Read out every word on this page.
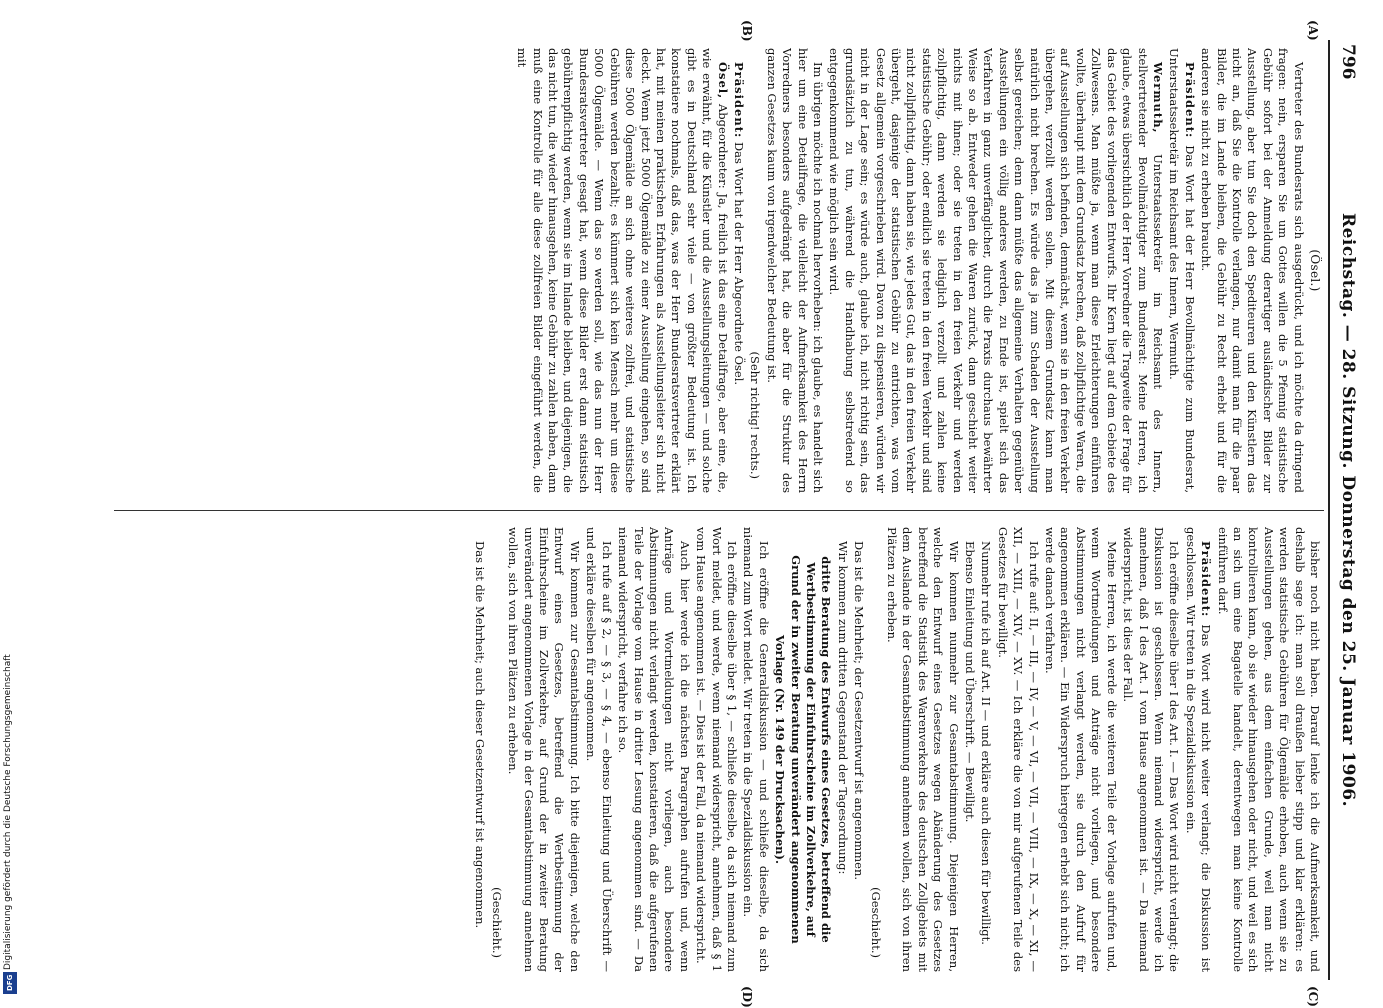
Digitalisierung gefördert durch die Deutsche Forschungsgemeinschaft
DFG
796
Reichstag. — 28. Sitzung. Donnerstag den 25. Januar 1906.
(A)
(B)
(C)
(D)

(Ösel.)

Vertreter des Bundesrats sich ausgedrückt, und ich möchte da dringend fragen: nein, ersparen Sie um Gottes willen die 5 Pfennig statistische Gebühr sofort bei der Anmeldung derartiger ausländischer Bilder zur Ausstellung, aber tun Sie doch den Spediteuren und den Künstlern das nicht an, daß Sie die Kontrolle verlangen, nur damit man für die paar Bilder, die im Lande bleiben, die Gebühr zu Recht erhebt und für die anderen sie nicht zu erheben braucht.

Präsident: Das Wort hat der Herr Bevollmächtigte zum Bundesrat, Unterstaatssekretär im Reichsamt des Innern, Wermuth.

Wermuth, Unterstaatssekretär im Reichsamt des Innern, stellvertretender Bevollmächtigter zum Bundesrat: Meine Herren, ich glaube, etwas übersichtlich der Herr Vorredner die Tragweite der Frage für das Gebiet des vorliegenden Entwurfs. Ihr Kern liegt auf dem Gebiete des Zollwesens. Man müßte ja, wenn man diese Erleichterungen einführen wollte, überhaupt mit dem Grundsatz brechen, daß zollpflichtige Waren, die auf Ausstellungen sich befinden, demnächst, wenn sie in den freien Verkehr übergehen, verzollt werden sollen. Mit diesem Grundsatz kann man natürlich nicht brechen. Es würde das ja zum Schaden der Ausstellung selbst gereichen; denn dann müßte das allgemeine Verhalten gegenüber Ausstellungen ein völlig anderes werden, zu Ende ist, spielt sich das Verfahren in ganz unverfänglicher, durch die Praxis durchaus bewährter Weise so ab. Entweder gehen die Waren zurück, dann geschieht weiter nichts mit ihnen; oder sie treten in den freien Verkehr und werden zollpflichtig, dann werden sie lediglich verzollt und zahlen keine statistische Gebühr; oder endlich sie treten in den freien Verkehr und sind nicht zollpflichtig, dann haben sie, wie jedes Gut, das in den freien Verkehr übergeht, dasjenige der statistischen Gebühr zu entrichten, was vom Gesetz allgemein vorgeschrieben wird. Davon zu dispensieren, würden wir nicht in der Lage sein; es würde auch, glaube ich, nicht richtig sein, das grundsätzlich zu tun, während die Handhabung selbstredend so entgegenkommend wie möglich sein wird.

Im übrigen möchte ich nochmal hervorheben: ich glaube, es handelt sich hier um eine Detailfrage, die vielleicht der Aufmerksamkeit des Herrn Vorredners besonders aufgedrängt hat, die aber für die Struktur des ganzen Gesetzes kaum von irgendwelcher Bedeutung ist.

(Sehr richtig! rechts.)

Präsident: Das Wort hat der Herr Abgeordnete Ösel.

Ösel, Abgeordneter: Ja, freilich ist das eine Detailfrage, aber eine, die, wie erwähnt, für die Künstler und die Ausstellungsleitungen — und solche gibt es in Deutschland sehr viele — von größter Bedeutung ist. Ich konstatiere nochmals, daß das, was der Herr Bundesratsvertreter erklärt hat, mit meinen praktischen Erfahrungen als Ausstellungsleiter sich nicht deckt. Wenn jetzt 5000 Ölgemälde zu einer Ausstellung eingehen, so sind diese 5000 Ölgemälde an sich ohne weiteres zollfrei, und statistische Gebühren werden bezahlt; es kümmert sich kein Mensch mehr um diese 5000 Ölgemälde. — Wenn das so werden soll, wie das nun der Herr Bundesratsvertreter gesagt hat, wenn diese Bilder erst dann statistisch gebührenpflichtig werden, wenn sie im Inlande bleiben, und diejenigen, die das nicht tun, die wieder hinausgehen, keine Gebühr zu zahlen haben, dann muß eine Kontrolle für alle diese zollfreien Bilder eingeführt werden, die mit

bisher noch nicht haben. Darauf lenke ich die Aufmerksamkeit, und deshalb sage ich: man soll draußen lieber stipp und klar erklären: es werden statistische Gebühren für Ölgemälde erhoben, auch wenn sie zu Ausstellungen gehen, aus dem einfachen Grunde, weil man nicht kontrollieren kann, ob sie wieder hinausgehen oder nicht, und weil es sich an sich um eine Bagatelle handelt, derentwegen man keine Kontrolle einführen darf.

Präsident: Das Wort wird nicht weiter verlangt; die Diskussion ist geschlossen. Wir treten in die Spezialdiskussion ein.

Ich eröffne dieselbe über I des Art. I. — Das Wort wird nicht verlangt; die Diskussion ist geschlossen. Wenn niemand widerspricht, werde ich annehmen, daß I des Art. I vom Hause angenommen ist. — Da niemand widerspricht, ist dies der Fall.

Meine Herren, ich werde die weiteren Teile der Vorlage aufrufen und, wenn Wortmeldungen und Anträge nicht vorliegen, und besondere Abstimmungen nicht verlangt werden, sie durch den Aufruf für angenommen erklären. — Ein Widerspruch hiergegen erhebt sich nicht; ich werde danach verfahren.

Ich rufe auf: II, — III, — IV, — V, — VI, — VII, — VIII, — IX, — X, — XI, — XII, — XIII, — XIV, — XV. — Ich erkläre die von mir aufgerufenen Teile des Gesetzes für bewilligt.

Nunmehr rufe ich auf Art. II — und erkläre auch diesen für bewilligt.

Ebenso Einleitung und Überschrift. — Bewilligt.

Wir kommen nunmehr zur Gesamtabstimmung. Diejenigen Herren, welche den Entwurf eines Gesetzes wegen Abänderung des Gesetzes betreffend die Statistik des Warenverkehrs des deutschen Zollgebiets mit dem Auslande in der Gesamtabstimmung annehmen wollen, sich von ihren Plätzen zu erheben.

(Geschieht.)

Das ist die Mehrheit; der Gesetzentwurf ist angenommen.

Wir kommen zum dritten Gegenstand der Tagesordnung:

dritte Beratung des Entwurfs eines Gesetzes, betreffend die Wertbestimmung der Einfuhrscheine im Zollverkehre, auf Grund der in zweiter Beratung unverändert angenommenen Vorlage (Nr. 149 der Drucksachen).

Ich eröffne die Generaldiskussion — und schließe dieselbe, da sich niemand zum Wort meldet. Wir treten in die Spezialdiskussion ein.

Ich eröffne dieselbe über § 1, — schließe dieselbe, da sich niemand zum Wort meldet, und werde, wenn niemand widerspricht, annehmen, daß § 1 vom Hause angenommen ist. — Dies ist der Fall, da niemand widerspricht.

Auch hier werde ich die nächsten Paragraphen aufrufen und, wenn Anträge und Wortmeldungen nicht vorliegen, auch besondere Abstimmungen nicht verlangt werden, konstatieren, daß die aufgerufenen Teile der Vorlage vom Hause in dritter Lesung angenommen sind. — Da niemand widerspricht, verfahre ich so.

Ich rufe auf § 2, — § 3, — § 4, — ebenso Einleitung und Überschrift — und erkläre dieselben für angenommen.

Wir kommen zur Gesamtabstimmung. Ich bitte diejenigen, welche den Entwurf eines Gesetzes, betreffend die Wertbestimmung der Einfuhrscheine im Zollverkehre, auf Grund der in zweiter Beratung unverändert angenommenen Vorlage in der Gesamtabstimmung annehmen wollen, sich von ihren Plätzen zu erheben.

(Geschieht.)

Das ist die Mehrheit; auch dieser Gesetzentwurf ist angenommen.
